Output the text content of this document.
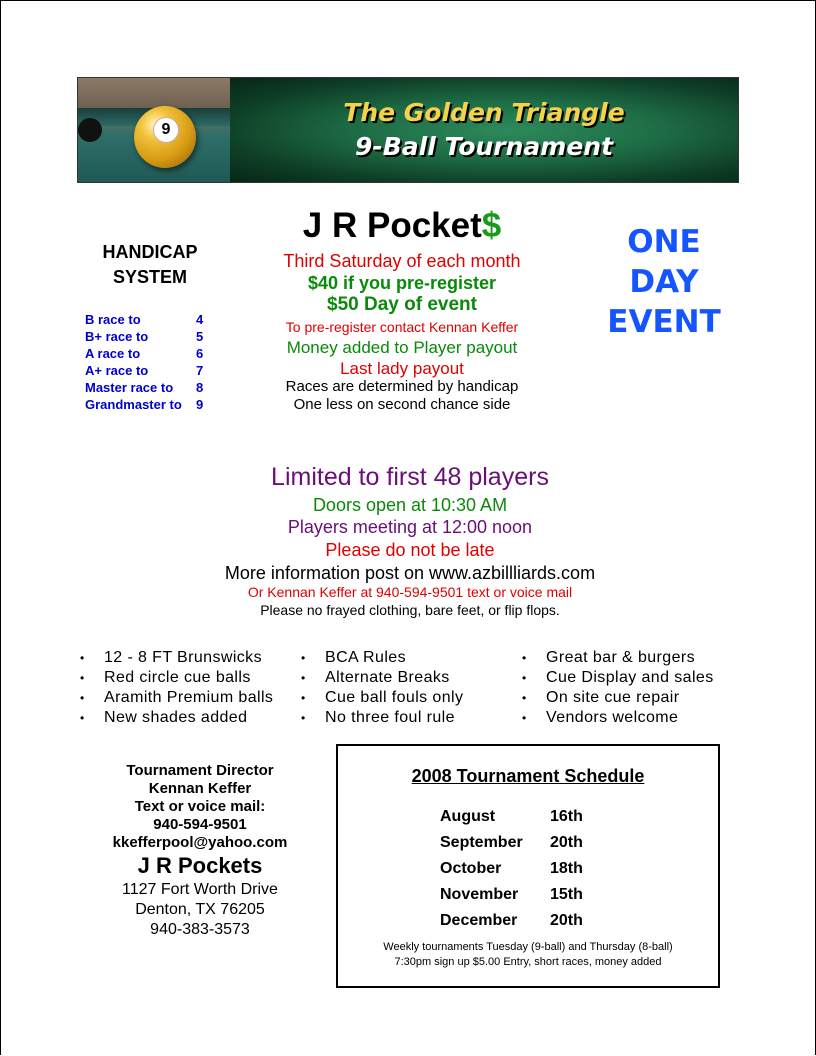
9
The Golden Triangle
9-Ball Tournament
HANDICAP
SYSTEM
B race to	4
B+ race to	5
A race to	6
A+ race to	7
Master race to	8
Grandmaster to	9
J R Pocket$
Third Saturday of each month
$40 if you pre-register
$50 Day of event
To pre-register contact Kennan Keffer
Money added to Player payout
Last lady payout
Races are determined by handicap
One less on second chance side
ONE
DAY
EVENT
Limited to first 48 players
Doors open at 10:30 AM
Players meeting at 12:00 noon
Please do not be late
More information post on www.azbillliards.com
Or Kennan Keffer at 940-594-9501 text or voice mail
Please no frayed clothing, bare feet, or flip flops.
• 12 - 8 FT Brunswicks
• Red circle cue balls
• Aramith Premium balls
• New shades added
• BCA Rules
• Alternate Breaks
• Cue ball fouls only
• No three foul rule
• Great bar & burgers
• Cue Display and sales
• On site cue repair
• Vendors welcome
Tournament Director
Kennan Keffer
Text or voice mail:
940-594-9501
kkefferpool@yahoo.com
J R Pockets
1127 Fort Worth Drive
Denton, TX 76205
940-383-3573
2008 Tournament Schedule
August	16th
September	20th
October	18th
November	15th
December	20th
Weekly tournaments Tuesday (9-ball) and Thursday (8-ball)
7:30pm sign up $5.00 Entry, short races, money added
